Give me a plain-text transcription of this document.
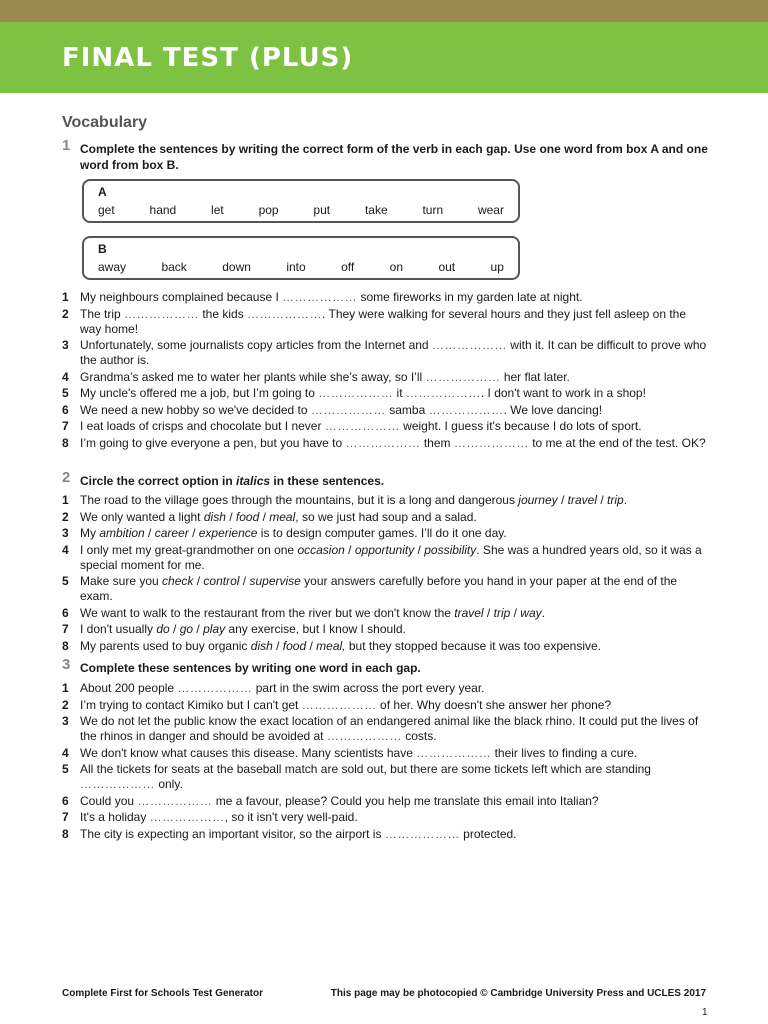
FINAL TEST (PLUS)
Vocabulary
1 Complete the sentences by writing the correct form of the verb in each gap. Use one word from box A and one word from box B.
A
get	hand	let	pop	put	take	turn	wear
B
away	back	down	into	off	on	out	up
1 My neighbours complained because I ……………… some fireworks in my garden late at night.
2 The trip ……………… the kids ………………. They were walking for several hours and they just fell asleep on the way home!
3 Unfortunately, some journalists copy articles from the Internet and ……………… with it. It can be difficult to prove who the author is.
4 Grandma’s asked me to water her plants while she’s away, so I’ll ……………… her flat later.
5 My uncle's offered me a job, but I’m going to ……………… it ………………. I don't want to work in a shop!
6 We need a new hobby so we've decided to ……………… samba ………………. We love dancing!
7 I eat loads of crisps and chocolate but I never ……………… weight. I guess it's because I do lots of sport.
8 I’m going to give everyone a pen, but you have to ……………… them ……………… to me at the end of the test. OK?
2 Circle the correct option in italics in these sentences.
1 The road to the village goes through the mountains, but it is a long and dangerous journey / travel / trip.
2 We only wanted a light dish / food / meal, so we just had soup and a salad.
3 My ambition / career / experience is to design computer games. I’ll do it one day.
4 I only met my great-grandmother on one occasion / opportunity / possibility. She was a hundred years old, so it was a special moment for me.
5 Make sure you check / control / supervise your answers carefully before you hand in your paper at the end of the exam.
6 We want to walk to the restaurant from the river but we don't know the travel / trip / way.
7 I don't usually do / go / play any exercise, but I know I should.
8 My parents used to buy organic dish / food / meal, but they stopped because it was too expensive.
3 Complete these sentences by writing one word in each gap.
1 About 200 people ……………… part in the swim across the port every year.
2 I’m trying to contact Kimiko but I can't get ……………… of her. Why doesn't she answer her phone?
3 We do not let the public know the exact location of an endangered animal like the black rhino. It could put the lives of the rhinos in danger and should be avoided at ……………… costs.
4 We don't know what causes this disease. Many scientists have ……………… their lives to finding a cure.
5 All the tickets for seats at the baseball match are sold out, but there are some tickets left which are standing ……………… only.
6 Could you ……………… me a favour, please? Could you help me translate this email into Italian?
7 It's a holiday ………………, so it isn't very well-paid.
8 The city is expecting an important visitor, so the airport is ……………… protected.
Complete First for Schools Test Generator	This page may be photocopied © Cambridge University Press and UCLES 2017
1
